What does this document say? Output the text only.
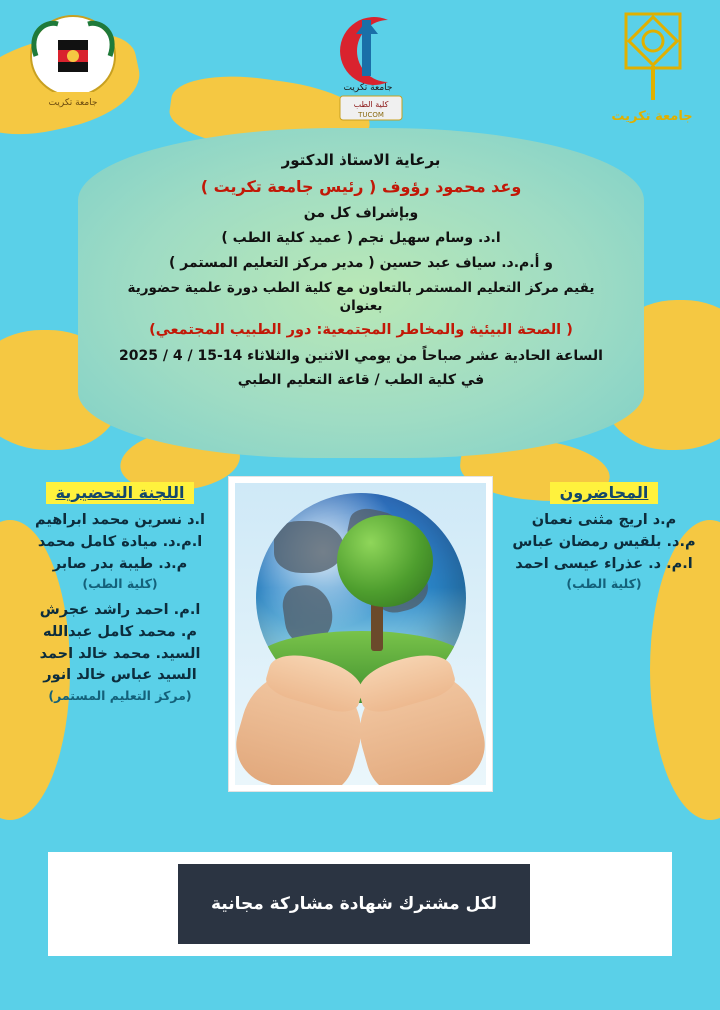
جامعة تكريت
جامعة تكريت
كلية الطب
TUCOM	جامعة تكريت

برعاية الاستاذ الدكتور

وعد محمود رؤوف ( رئيس جامعة تكريت )

وبإشراف كل من

ا.د. وسام سهيل نجم ( عميد كلية الطب )

و أ.م.د. سياف عبد حسين ( مدير مركز التعليم المستمر )

يقيم مركز التعليم المستمر بالتعاون مع كلية الطب دورة علمية حضورية بعنوان

( الصحة البيئية والمخاطر المجتمعية: دور الطبيب المجتمعي)

الساعة الحادية عشر صباحاً من يومي الاثنين والثلاثاء 14-15 / 4 / 2025

في كلية الطب / قاعة التعليم الطبي

المحاضرون
م.د اريج مثنى نعمان
م.د. بلقيس رمضان عباس
ا.م. د. عذراء عيسى احمد
(كلية الطب)
اللجنة التحضيرية
ا.د نسرين محمد ابراهيم
ا.م.د. ميادة كامل محمد
م.د. طيبة بدر صابر
(كلية الطب)
ا.م. احمد راشد عجرش
م. محمد كامل عبدالله
السيد. محمد خالد احمد
السيد عباس خالد انور
(مركز التعليم المستمر)
لكل مشترك شهادة مشاركة مجانية
